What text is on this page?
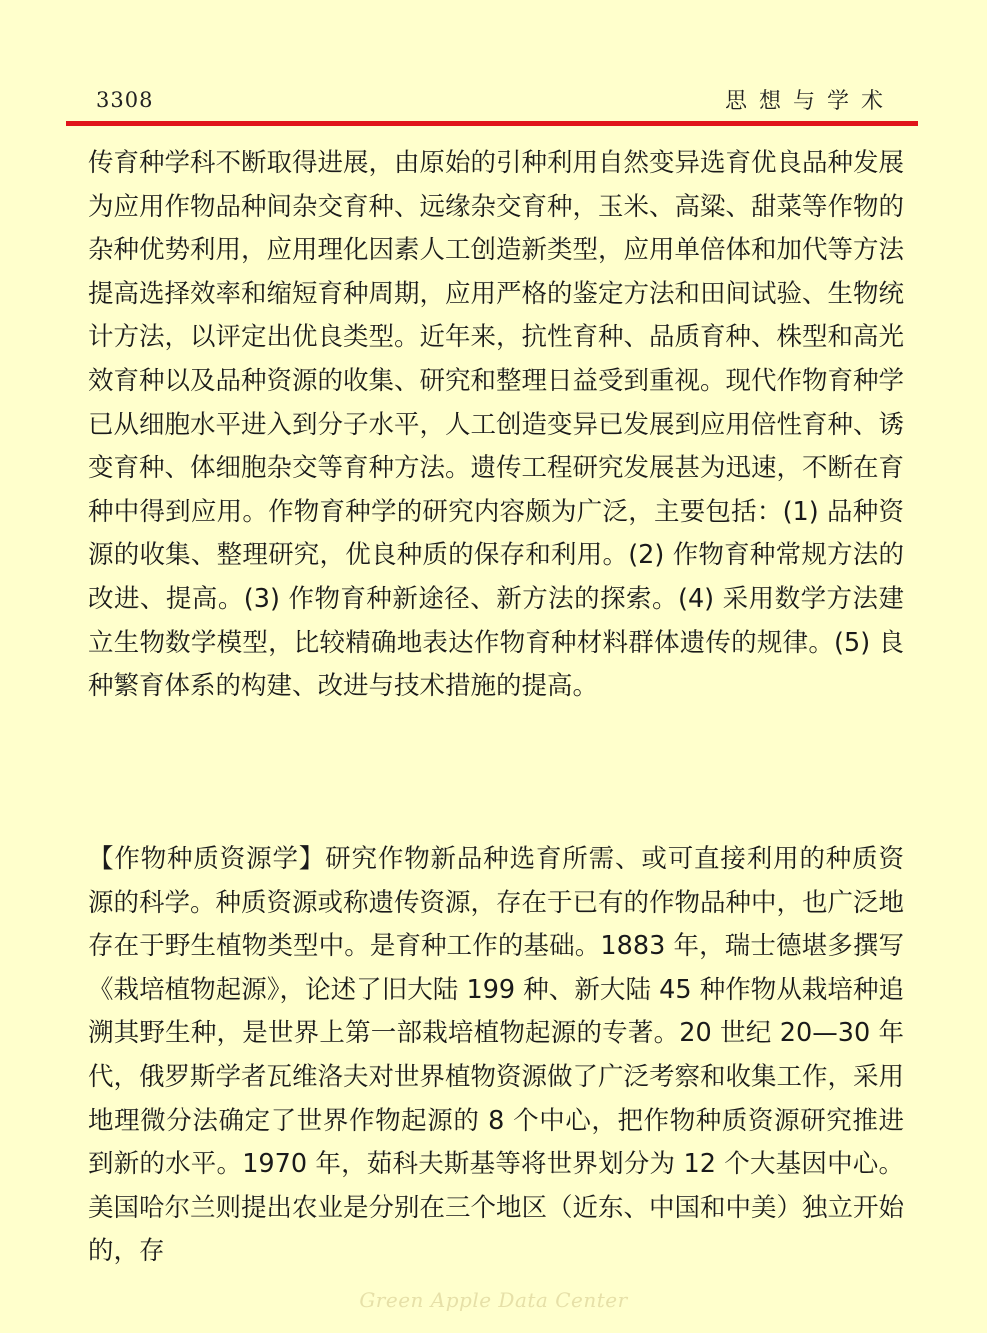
3308	思想与学术

传育种学科不断取得进展，由原始的引种利用自然变异选育优良品种发展为应用作物品种间杂交育种、远缘杂交育种，玉米、高粱、甜菜等作物的杂种优势利用，应用理化因素人工创造新类型，应用单倍体和加代等方法提高选择效率和缩短育种周期，应用严格的鉴定方法和田间试验、生物统计方法，以评定出优良类型。近年来，抗性育种、品质育种、株型和高光效育种以及品种资源的收集、研究和整理日益受到重视。现代作物育种学已从细胞水平进入到分子水平，人工创造变异已发展到应用倍性育种、诱变育种、体细胞杂交等育种方法。遗传工程研究发展甚为迅速，不断在育种中得到应用。作物育种学的研究内容颇为广泛，主要包括：(1) 品种资源的收集、整理研究，优良种质的保存和利用。(2) 作物育种常规方法的改进、提高。(3) 作物育种新途径、新方法的探索。(4) 采用数学方法建立生物数学模型，比较精确地表达作物育种材料群体遗传的规律。(5) 良种繁育体系的构建、改进与技术措施的提高。

【作物种质资源学】研究作物新品种选育所需、或可直接利用的种质资源的科学。种质资源或称遗传资源，存在于已有的作物品种中，也广泛地存在于野生植物类型中。是育种工作的基础。1883 年，瑞士德堪多撰写《栽培植物起源》，论述了旧大陆 199 种、新大陆 45 种作物从栽培种追溯其野生种，是世界上第一部栽培植物起源的专著。20 世纪 20—30 年代，俄罗斯学者瓦维洛夫对世界植物资源做了广泛考察和收集工作，采用地理微分法确定了世界作物起源的 8 个中心，把作物种质资源研究推进到新的水平。1970 年，茹科夫斯基等将世界划分为 12 个大基因中心。美国哈尔兰则提出农业是分别在三个地区（近东、中国和中美）独立开始的，存

Green Apple Data Center
